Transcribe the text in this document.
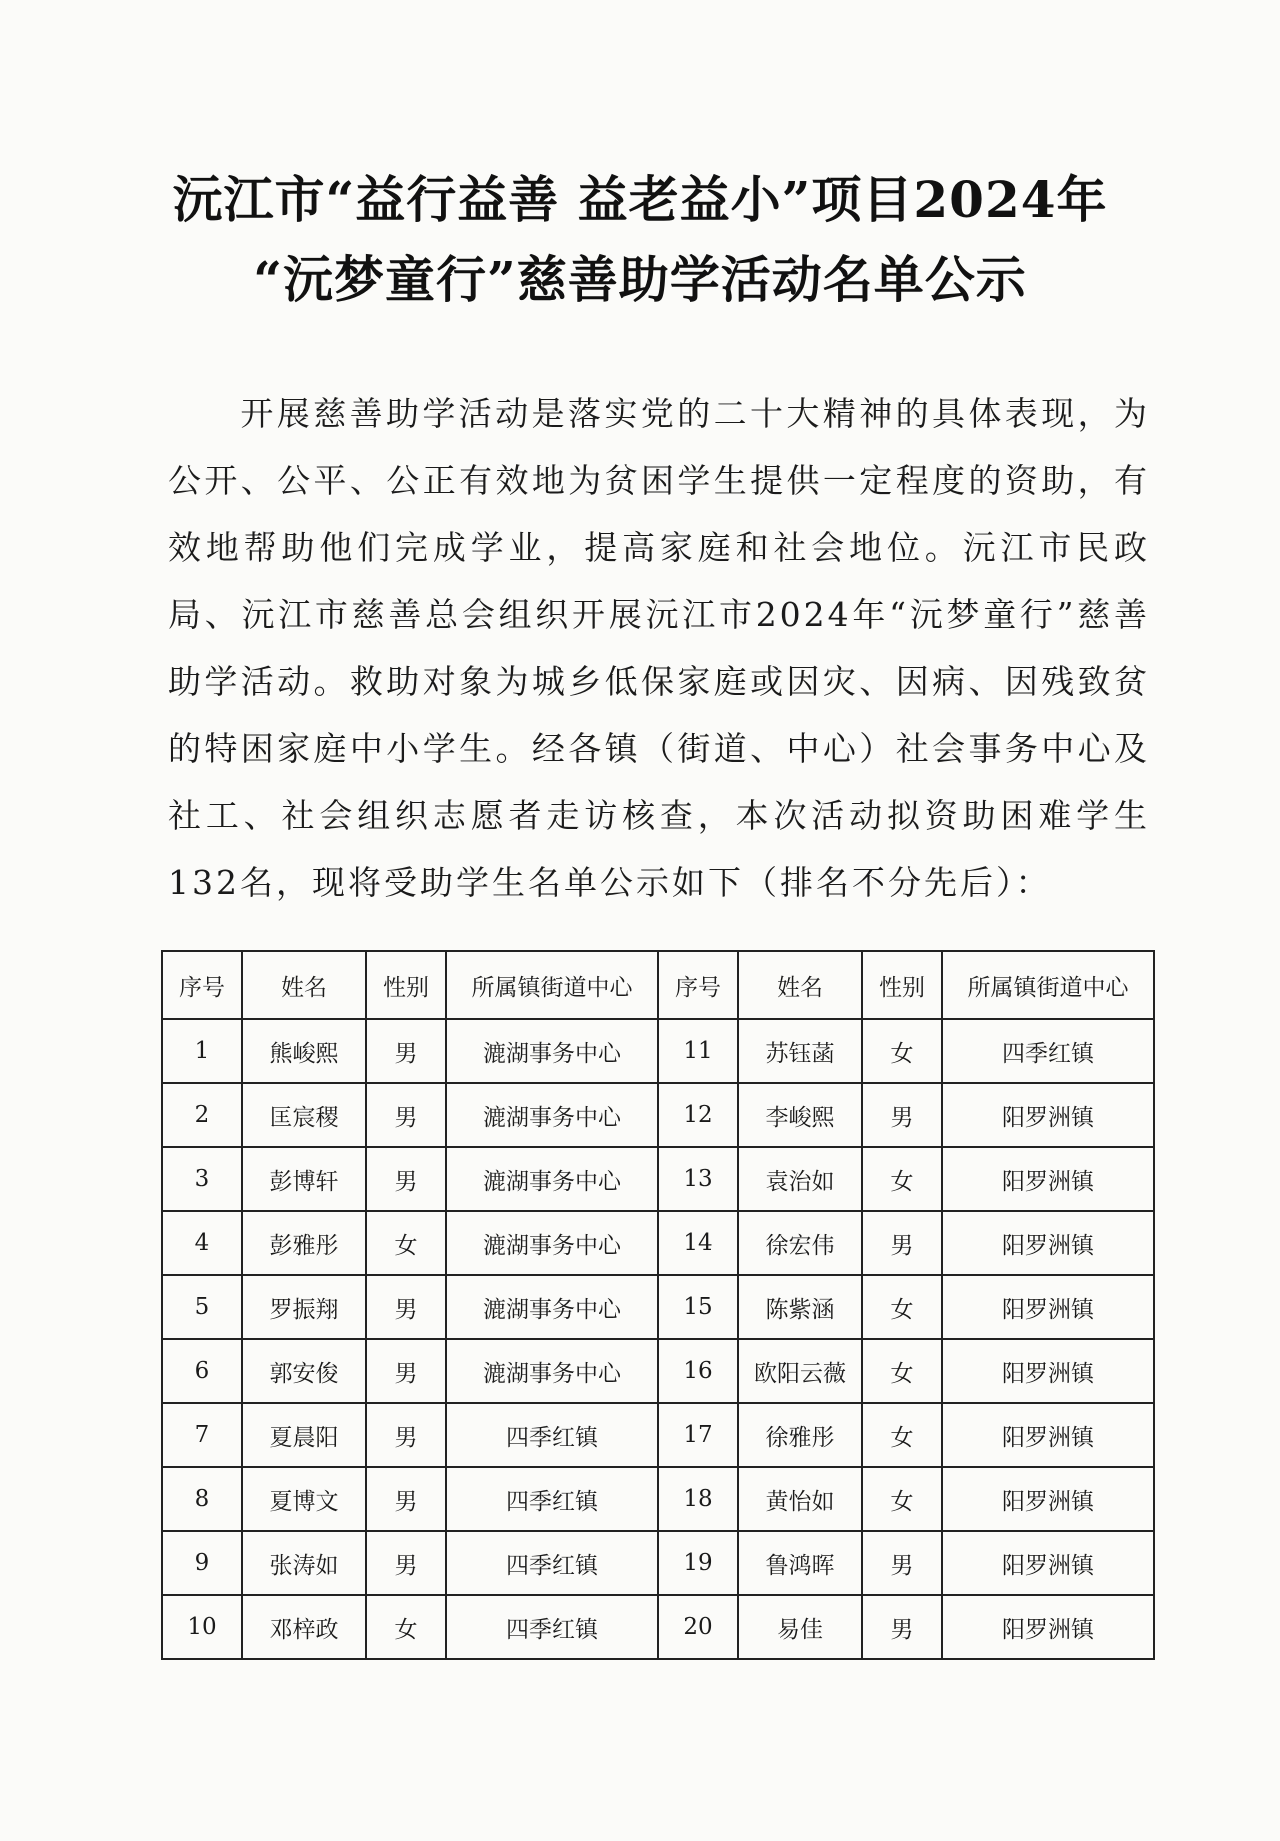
沅江市“益行益善 益老益小”项目2024年
“沅梦童行”慈善助学活动名单公示
开展慈善助学活动是落实党的二十大精神的具体表现，为公开、公平、公正有效地为贫困学生提供一定程度的资助，有效地帮助他们完成学业，提高家庭和社会地位。沅江市民政局、沅江市慈善总会组织开展沅江市2024年“沅梦童行”慈善助学活动。救助对象为城乡低保家庭或因灾、因病、因残致贫的特困家庭中小学生。经各镇（街道、中心）社会事务中心及社工、社会组织志愿者走访核查，本次活动拟资助困难学生132名，现将受助学生名单公示如下（排名不分先后）：
序号	姓名	性别	所属镇街道中心	序号	姓名	性别	所属镇街道中心
1	熊峻熙	男	漉湖事务中心	11	苏钰菡	女	四季红镇
2	匡宸稷	男	漉湖事务中心	12	李峻熙	男	阳罗洲镇
3	彭博轩	男	漉湖事务中心	13	袁治如	女	阳罗洲镇
4	彭雅彤	女	漉湖事务中心	14	徐宏伟	男	阳罗洲镇
5	罗振翔	男	漉湖事务中心	15	陈紫涵	女	阳罗洲镇
6	郭安俊	男	漉湖事务中心	16	欧阳云薇	女	阳罗洲镇
7	夏晨阳	男	四季红镇	17	徐雅彤	女	阳罗洲镇
8	夏博文	男	四季红镇	18	黄怡如	女	阳罗洲镇
9	张涛如	男	四季红镇	19	鲁鸿晖	男	阳罗洲镇
10	邓梓政	女	四季红镇	20	易佳	男	阳罗洲镇
